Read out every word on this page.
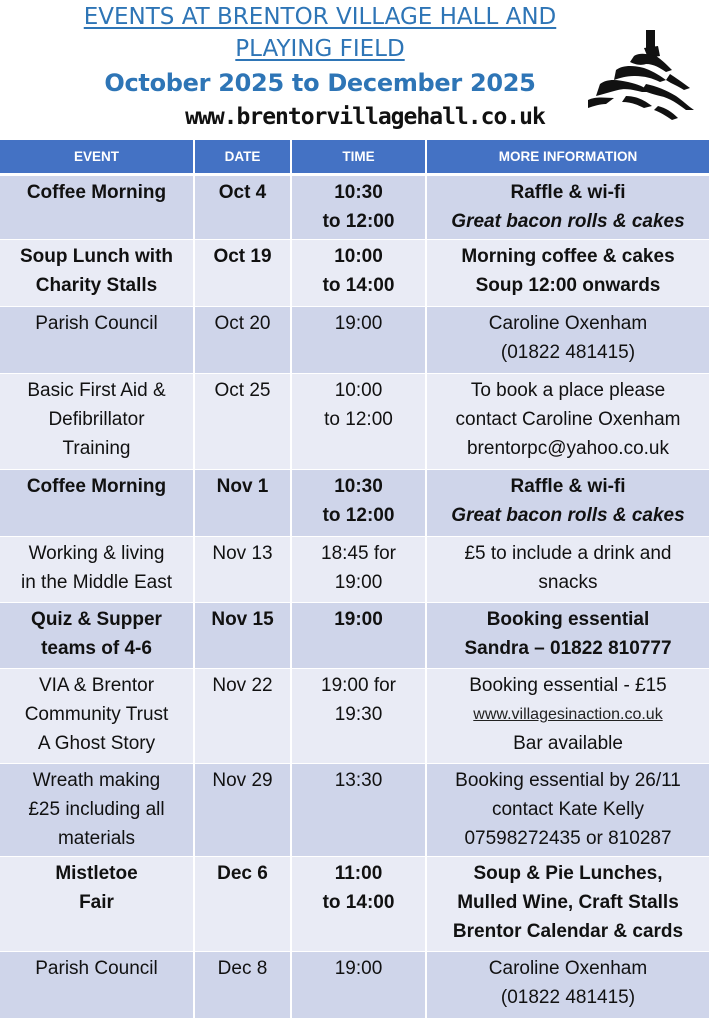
EVENTS AT BRENTOR VILLAGE HALL AND
PLAYING FIELD
October 2025 to December 2025
www.brentorvillagehall.co.uk
EVENT	DATE	TIME	MORE INFORMATION

Coffee Morning	Oct 4	10:30
to 12:00	Raffle & wi-fi
Great bacon rolls & cakes

Soup Lunch with
Charity Stalls	Oct 19	10:00
to 14:00	Morning coffee & cakes
Soup 12:00 onwards

Parish Council	Oct 20	19:00	Caroline Oxenham
(01822 481415)

Basic First Aid &
Defibrillator
Training	Oct 25	10:00
to 12:00	To book a place please
contact Caroline Oxenham
brentorpc@yahoo.co.uk

Coffee Morning	Nov 1	10:30
to 12:00	Raffle & wi-fi
Great bacon rolls & cakes

Working & living
in the Middle East	Nov 13	18:45 for
19:00	£5 to include a drink and
snacks

Quiz & Supper
teams of 4-6	Nov 15	19:00	Booking essential
Sandra – 01822 810777

VIA & Brentor
Community Trust
A Ghost Story	Nov 22	19:00 for
19:30	Booking essential - £15
www.villagesinaction.co.uk
Bar available

Wreath making
£25 including all
materials	Nov 29	13:30	Booking essential by 26/11
contact Kate Kelly
07598272435 or 810287

Mistletoe
Fair	Dec 6	11:00
to 14:00	Soup & Pie Lunches,
Mulled Wine, Craft Stalls
Brentor Calendar & cards

Parish Council	Dec 8	19:00	Caroline Oxenham
(01822 481415)
